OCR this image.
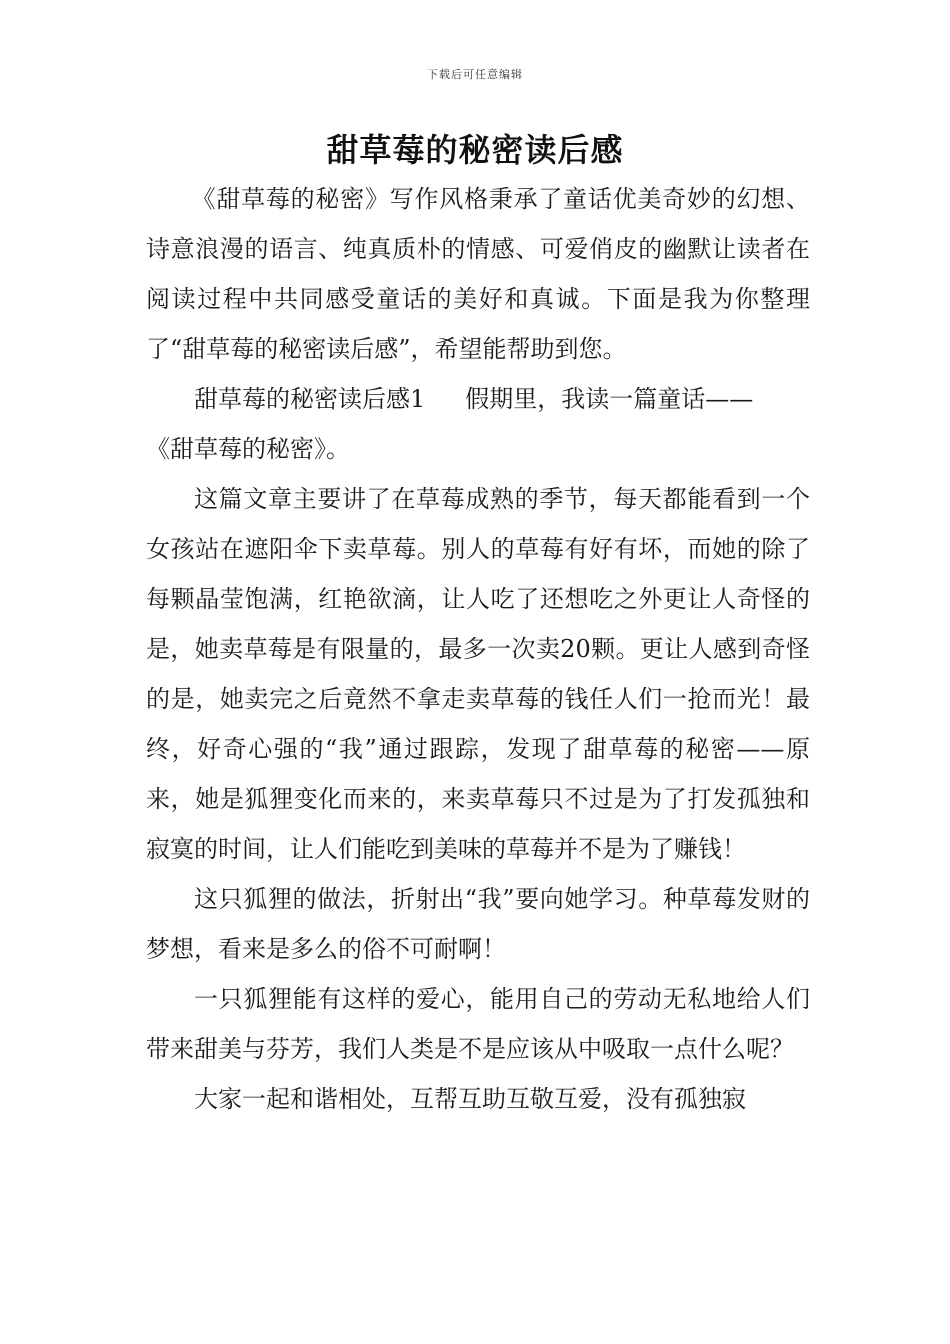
下载后可任意编辑
甜草莓的秘密读后感

《甜草莓的秘密》写作风格秉承了童话优美奇妙的幻想、诗意浪漫的语言、纯真质朴的情感、可爱俏皮的幽默让读者在阅读过程中共同感受童话的美好和真诚。下面是我为你整理了“甜草莓的秘密读后感”，希望能帮助到您。

甜草莓的秘密读后感1 假期里，我读一篇童话——

《甜草莓的秘密》。

这篇文章主要讲了在草莓成熟的季节，每天都能看到一个女孩站在遮阳伞下卖草莓。别人的草莓有好有坏，而她的除了每颗晶莹饱满，红艳欲滴，让人吃了还想吃之外更让人奇怪的是，她卖草莓是有限量的，最多一次卖20颗。更让人感到奇怪的是，她卖完之后竟然不拿走卖草莓的钱任人们一抢而光！最终，好奇心强的“我”通过跟踪，发现了甜草莓的秘密——原来，她是狐狸变化而来的，来卖草莓只不过是为了打发孤独和寂寞的时间，让人们能吃到美味的草莓并不是为了赚钱！

这只狐狸的做法，折射出“我”要向她学习。种草莓发财的梦想，看来是多么的俗不可耐啊！

一只狐狸能有这样的爱心，能用自己的劳动无私地给人们带来甜美与芬芳，我们人类是不是应该从中吸取一点什么呢？

大家一起和谐相处，互帮互助互敬互爱，没有孤独寂
